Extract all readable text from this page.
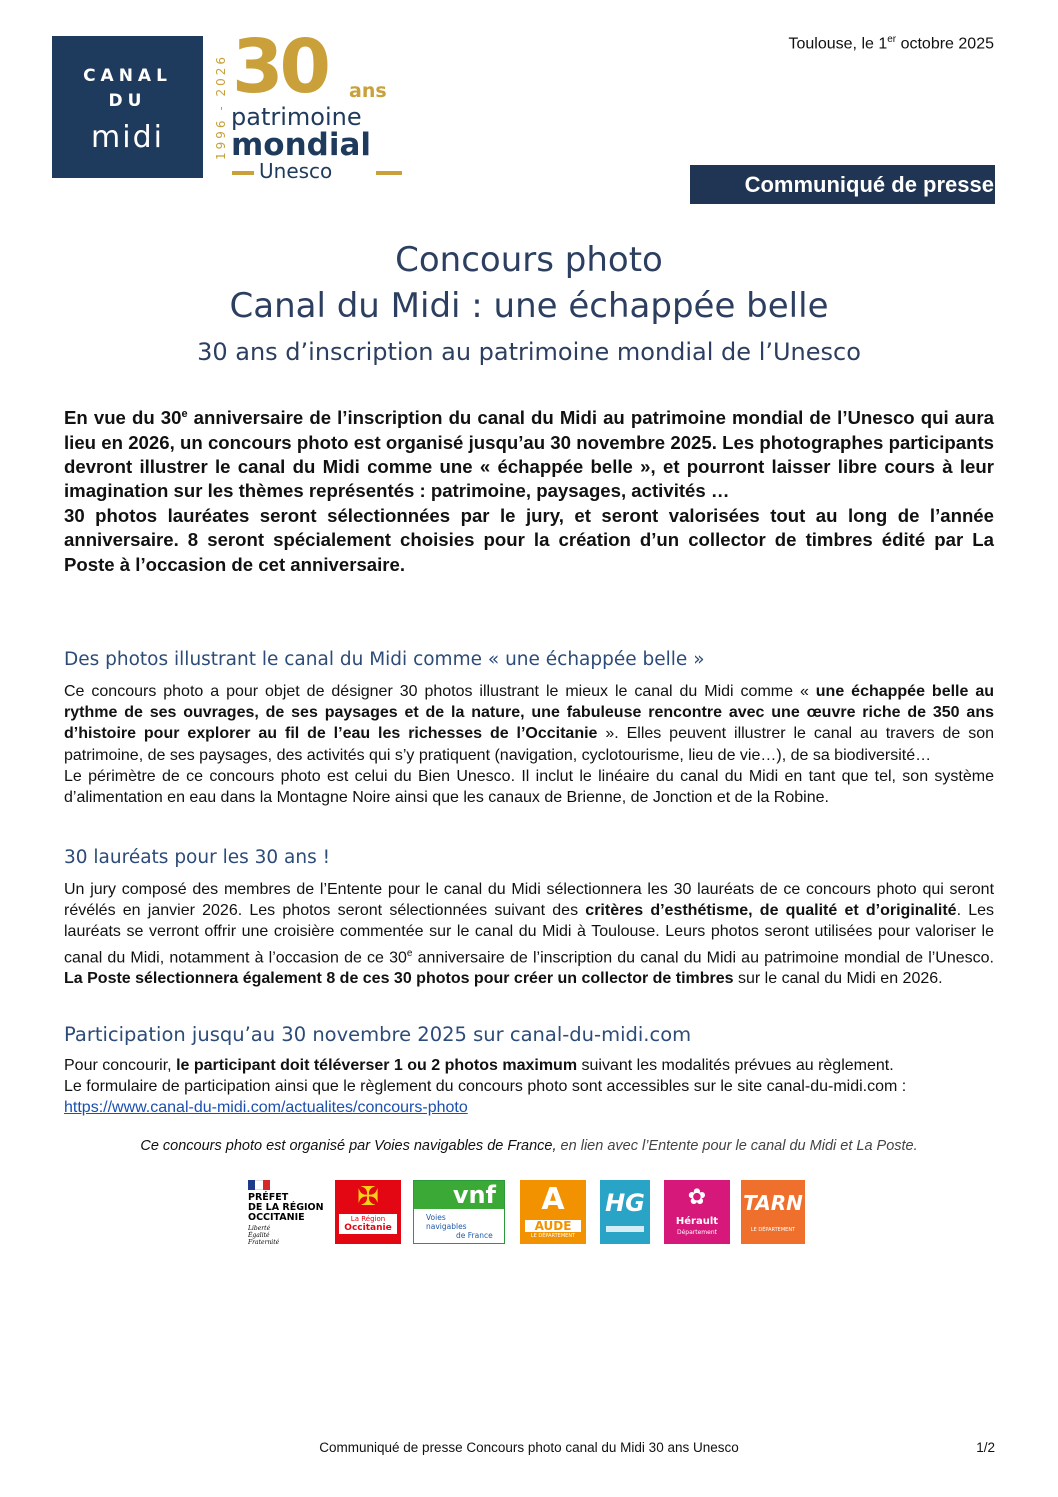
CANAL
DU
midi	1996 - 2026 30 ans
patrimoine
mondial
Unesco
Toulouse, le 1er octobre 2025
Communiqué de presse
Concours photo
Canal du Midi : une échappée belle
30 ans d’inscription au patrimoine mondial de l’Unesco
En vue du 30e anniversaire de l’inscription du canal du Midi au patrimoine mondial de l’Unesco qui aura lieu en 2026, un concours photo est organisé jusqu’au 30 novembre 2025. Les photographes participants devront illustrer le canal du Midi comme une « échappée belle », et pourront laisser libre cours à leur imagination sur les thèmes représentés : patrimoine, paysages, activités …
30 photos lauréates seront sélectionnées par le jury, et seront valorisées tout au long de l’année anniversaire. 8 seront spécialement choisies pour la création d’un collector de timbres édité par La Poste à l’occasion de cet anniversaire.
Des photos illustrant le canal du Midi comme « une échappée belle »
Ce concours photo a pour objet de désigner 30 photos illustrant le mieux le canal du Midi comme « une échappée belle au rythme de ses ouvrages, de ses paysages et de la nature, une fabuleuse rencontre avec une œuvre riche de 350 ans d’histoire pour explorer au fil de l’eau les richesses de l’Occitanie ». Elles peuvent illustrer le canal au travers de son patrimoine, de ses paysages, des activités qui s’y pratiquent (navigation, cyclotourisme, lieu de vie…), de sa biodiversité…
Le périmètre de ce concours photo est celui du Bien Unesco. Il inclut le linéaire du canal du Midi en tant que tel, son système d’alimentation en eau dans la Montagne Noire ainsi que les canaux de Brienne, de Jonction et de la Robine.
30 lauréats pour les 30 ans !
Un jury composé des membres de l’Entente pour le canal du Midi sélectionnera les 30 lauréats de ce concours photo qui seront révélés en janvier 2026. Les photos seront sélectionnées suivant des critères d’esthétisme, de qualité et d’originalité. Les lauréats se verront offrir une croisière commentée sur le canal du Midi à Toulouse. Leurs photos seront utilisées pour valoriser le canal du Midi, notamment à l’occasion de ce 30e anniversaire de l’inscription du canal du Midi au patrimoine mondial de l’Unesco. La Poste sélectionnera également 8 de ces 30 photos pour créer un collector de timbres sur le canal du Midi en 2026.
Participation jusqu’au 30 novembre 2025 sur canal-du-midi.com
Pour concourir, le participant doit téléverser 1 ou 2 photos maximum suivant les modalités prévues au règlement.
Le formulaire de participation ainsi que le règlement du concours photo sont accessibles sur le site canal-du-midi.com :
https://www.canal-du-midi.com/actualites/concours-photo
Ce concours photo est organisé par Voies navigables de France, en lien avec l’Entente pour le canal du Midi et La Poste.
PRÉFET
DE LA RÉGION
OCCITANIE
Liberté
Égalité
Fraternité
✠
La Région
Occitanie
vnf
Voies
navigables
de France
A
AUDE
LE DÉPARTEMENT
HG	✿
Hérault
Département
TARN
LE DÉPARTEMENT
Communiqué de presse Concours photo canal du Midi 30 ans Unesco	1/2
